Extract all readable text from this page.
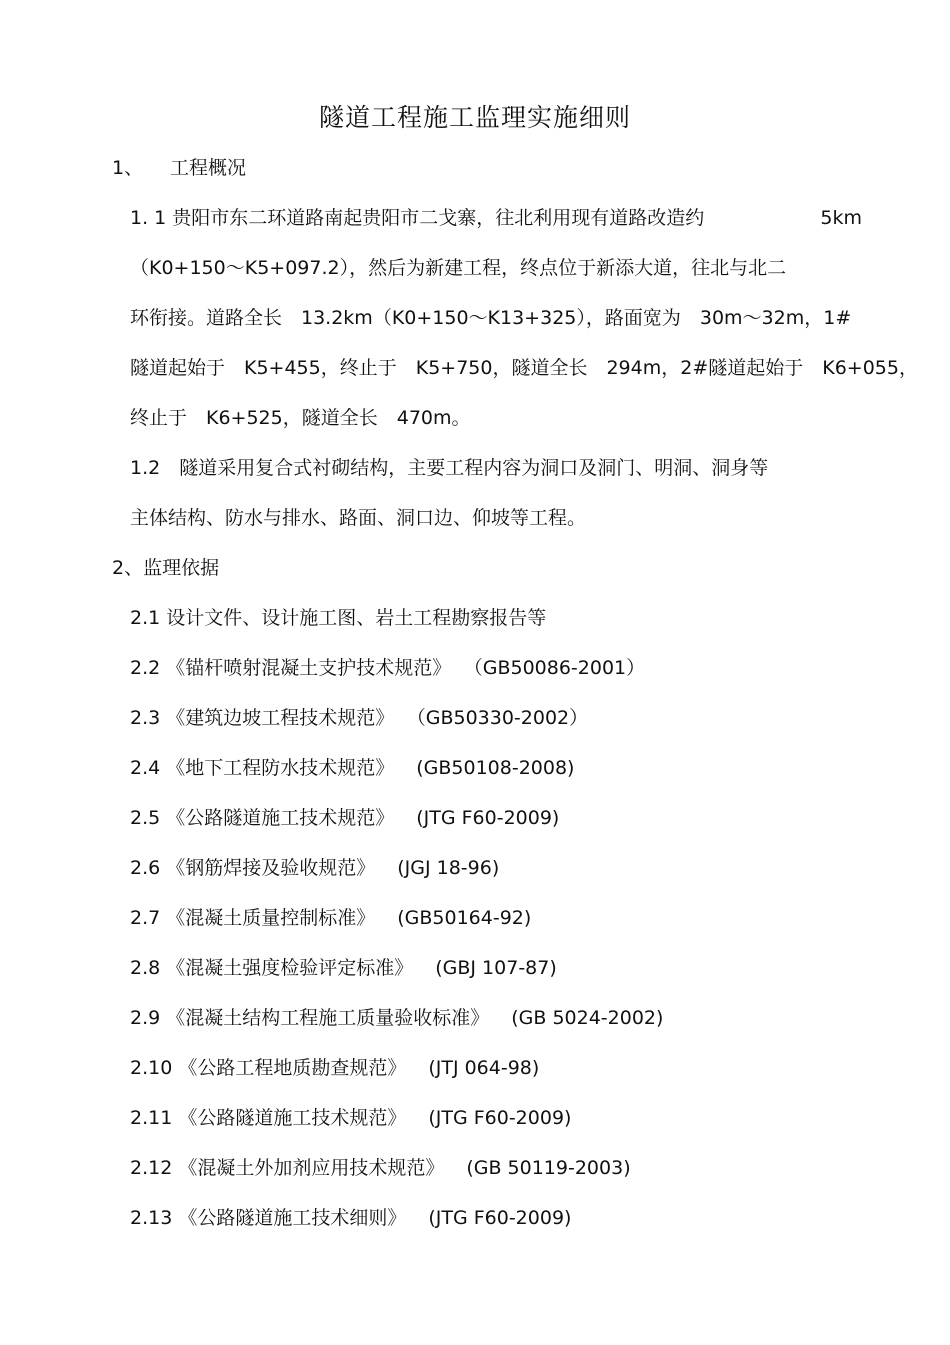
隧道工程施工监理实施细则
1、 工程概况
1. 1 贵阳市东二环道路南起贵阳市二戈寨，往北利用现有道路改造约	5km
（K0+150～K5+097.2），然后为新建工程，终点位于新添大道，往北与北二
环衔接。道路全长　13.2km（K0+150～K13+325），路面宽为　30m～32m，1#
隧道起始于　K5+455，终止于　K5+750，隧道全长　294m，2#隧道起始于　K6+055，
终止于　K6+525，隧道全长　470m。
1.2　隧道采用复合式衬砌结构，主要工程内容为洞口及洞门、明洞、洞身等
主体结构、防水与排水、路面、洞口边、仰坡等工程。
2、监理依据
2.1 设计文件、设计施工图、岩土工程勘察报告等
2.2 《锚杆喷射混凝土支护技术规范》 （GB50086-2001）
2.3 《建筑边坡工程技术规范》 （GB50330-2002）
2.4 《地下工程防水技术规范》 (GB50108-2008)
2.5 《公路隧道施工技术规范》 (JTG F60-2009)
2.6 《钢筋焊接及验收规范》 (JGJ 18-96)
2.7 《混凝土质量控制标准》 (GB50164-92)
2.8 《混凝土强度检验评定标准》 (GBJ 107-87)
2.9 《混凝土结构工程施工质量验收标准》 (GB 5024-2002)
2.10 《公路工程地质勘查规范》 (JTJ 064-98)
2.11 《公路隧道施工技术规范》 (JTG F60-2009)
2.12 《混凝土外加剂应用技术规范》 (GB 50119-2003)
2.13 《公路隧道施工技术细则》 (JTG F60-2009)
